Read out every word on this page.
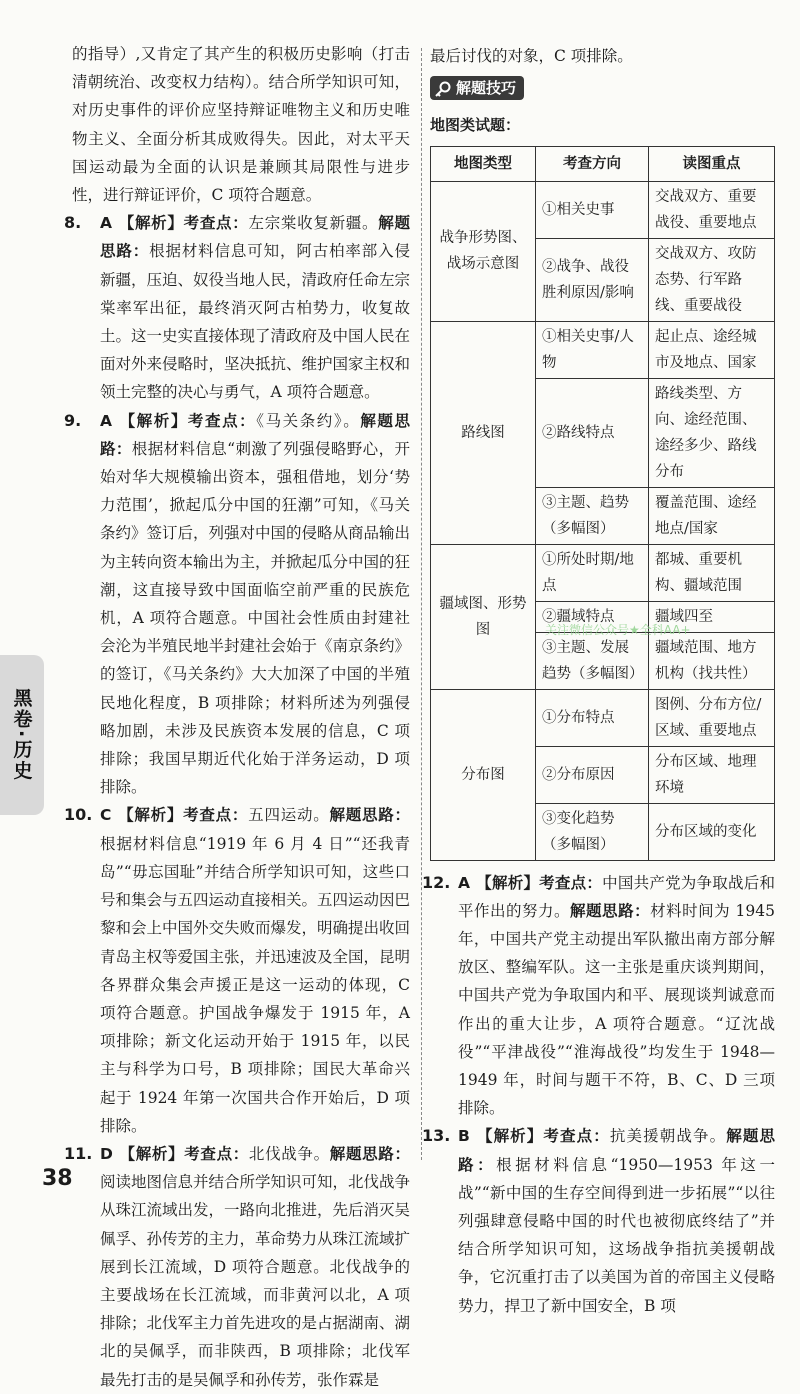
的指导）,又肯定了其产生的积极历史影响（打击清朝统治、改变权力结构）。结合所学知识可知，对历史事件的评价应坚持辩证唯物主义和历史唯物主义、全面分析其成败得失。因此，对太平天国运动最为全面的认识是兼顾其局限性与进步性，进行辩证评价，C 项符合题意。

8. A 【解析】考查点：左宗棠收复新疆。解题思路：根据材料信息可知，阿古柏率部入侵新疆，压迫、奴役当地人民，清政府任命左宗棠率军出征，最终消灭阿古柏势力，收复故土。这一史实直接体现了清政府及中国人民在面对外来侵略时，坚决抵抗、维护国家主权和领土完整的决心与勇气，A 项符合题意。

9. A 【解析】考查点：《马关条约》。解题思路：根据材料信息“刺激了列强侵略野心，开始对华大规模输出资本，强租借地，划分‘势力范围’，掀起瓜分中国的狂潮”可知，《马关条约》签订后，列强对中国的侵略从商品输出为主转向资本输出为主，并掀起瓜分中国的狂潮，这直接导致中国面临空前严重的民族危机，A 项符合题意。中国社会性质由封建社会沦为半殖民地半封建社会始于《南京条约》的签订，《马关条约》大大加深了中国的半殖民地化程度，B 项排除；材料所述为列强侵略加剧，未涉及民族资本发展的信息，C 项排除；我国早期近代化始于洋务运动，D 项排除。

10. C 【解析】考查点：五四运动。解题思路：根据材料信息“1919 年 6 月 4 日”“还我青岛”“毋忘国耻”并结合所学知识可知，这些口号和集会与五四运动直接相关。五四运动因巴黎和会上中国外交失败而爆发，明确提出收回青岛主权等爱国主张，并迅速波及全国，昆明各界群众集会声援正是这一运动的体现，C 项符合题意。护国战争爆发于 1915 年，A 项排除；新文化运动开始于 1915 年，以民主与科学为口号，B 项排除；国民大革命兴起于 1924 年第一次国共合作开始后，D 项排除。

11. D 【解析】考查点：北伐战争。解题思路：阅读地图信息并结合所学知识可知，北伐战争从珠江流域出发，一路向北推进，先后消灭吴佩孚、孙传芳的主力，革命势力从珠江流域扩展到长江流域，D 项符合题意。北伐战争的主要战场在长江流域，而非黄河以北，A 项排除；北伐军主力首先进攻的是占据湖南、湖北的吴佩孚，而非陕西，B 项排除；北伐军最先打击的是吴佩孚和孙传芳，张作霖是

最后讨伐的对象，C 项排除。

解题技巧
地图类试题：
地图类型	考查方向	读图重点
战争形势图、战场示意图	①相关史事	交战双方、重要战役、重要地点
	②战争、战役胜利原因/影响	交战双方、攻防态势、行军路线、重要战役
路线图	①相关史事/人物	起止点、途经城市及地点、国家
	②路线特点	路线类型、方向、途经范围、途经多少、路线分布
	③主题、趋势（多幅图）	覆盖范围、途经地点/国家
疆域图、形势图	①所处时期/地点	都城、重要机构、疆域范围
	②疆域特点	疆域四至
	③主题、发展趋势（多幅图）	疆域范围、地方机构（找共性）
分布图	①分布特点	图例、分布方位/区域、重要地点
	②分布原因	分布区域、地理环境
	③变化趋势（多幅图）	分布区域的变化

12. A 【解析】考查点：中国共产党为争取战后和平作出的努力。解题思路：材料时间为 1945 年，中国共产党主动提出军队撤出南方部分解放区、整编军队。这一主张是重庆谈判期间，中国共产党为争取国内和平、展现谈判诚意而作出的重大让步，A 项符合题意。“辽沈战役”“平津战役”“淮海战役”均发生于 1948—1949 年，时间与题干不符，B、C、D 三项排除。

13. B 【解析】考查点：抗美援朝战争。解题思路：根据材料信息“1950—1953 年这一战”“新中国的生存空间得到进一步拓展”“以往列强肆意侵略中国的时代也被彻底终结了”并结合所学知识可知，这场战争指抗美援朝战争，它沉重打击了以美国为首的帝国主义侵略势力，捍卫了新中国安全，B 项

关注微信公众号★全科AA+
黑卷·历史
38
